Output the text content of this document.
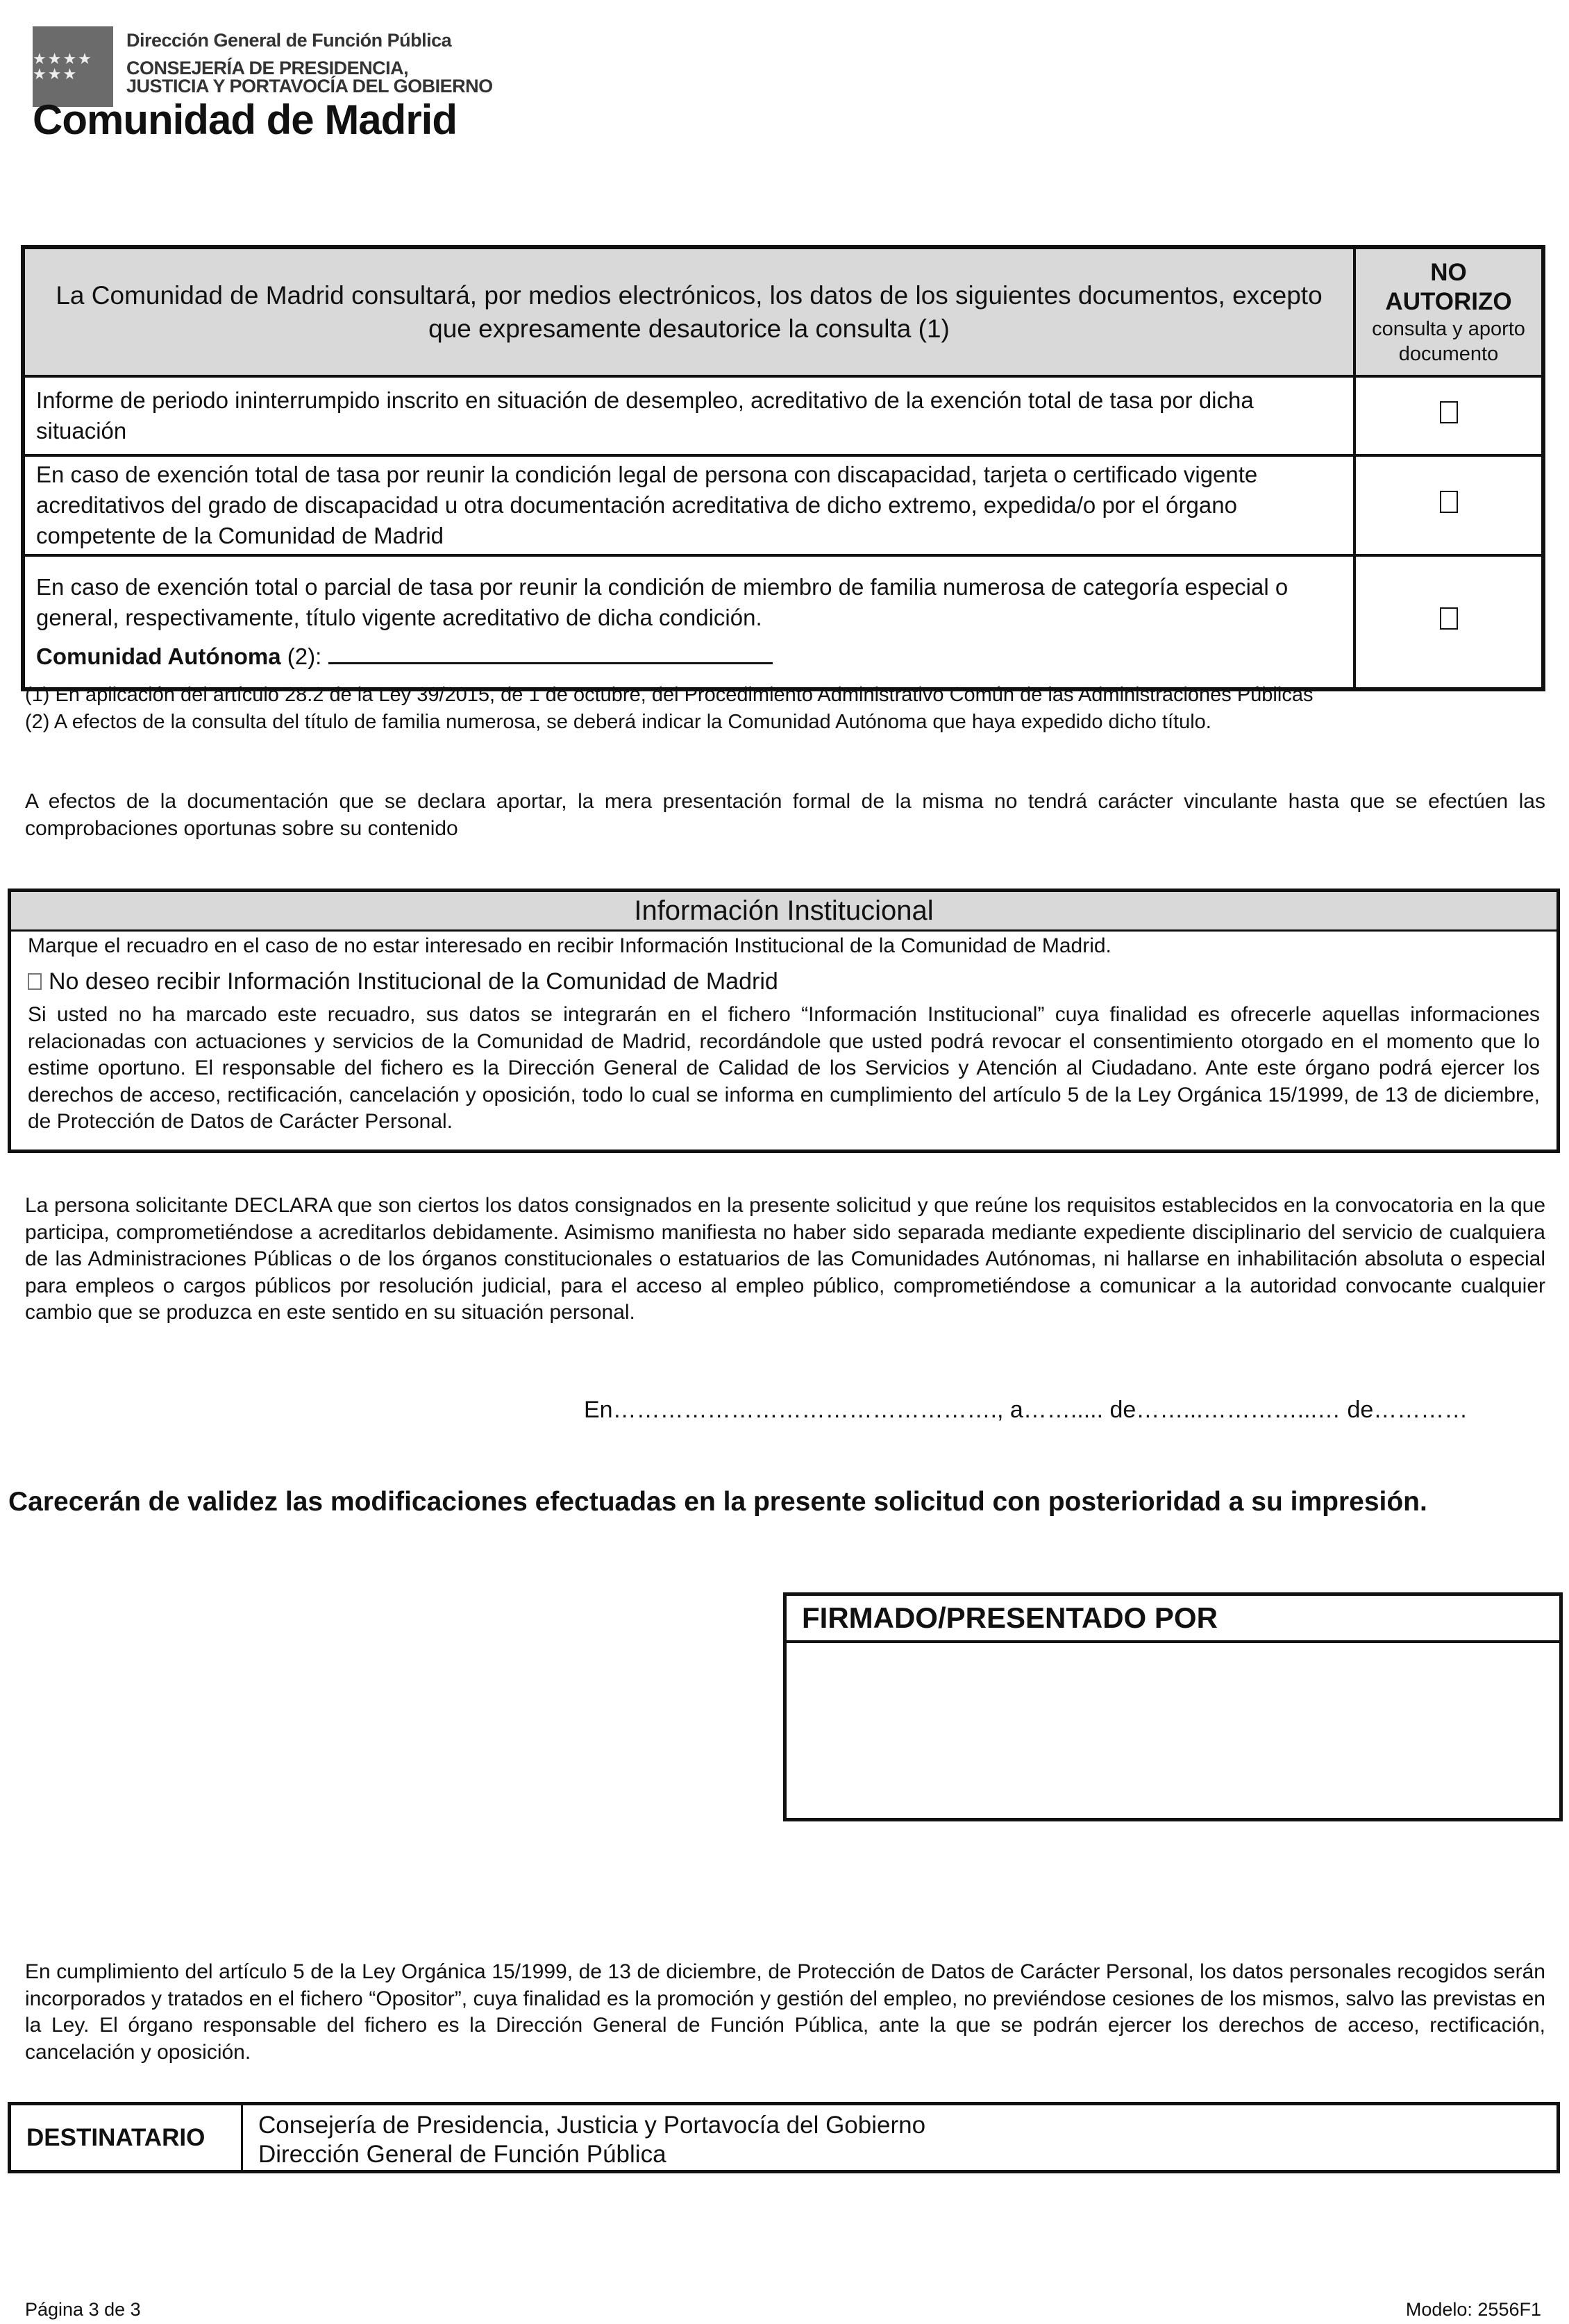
★★★★ ★★★
Dirección General de Función Pública
CONSEJERÍA DE PRESIDENCIA,
JUSTICIA Y PORTAVOCÍA DEL GOBIERNO
Comunidad de Madrid
La Comunidad de Madrid consultará, por medios electrónicos, los datos de los siguientes documentos, excepto que expresamente desautorice la consulta (1)	NO
AUTORIZO
consulta y aporto documento

Informe de periodo ininterrumpido inscrito en situación de desempleo, acreditativo de la exención total de tasa por dicha situación	
En caso de exención total de tasa por reunir la condición legal de persona con discapacidad, tarjeta o certificado vigente acreditativos del grado de discapacidad u otra documentación acreditativa de dicho extremo, expedida/o por el órgano competente de la Comunidad de Madrid	

En caso de exención total o parcial de tasa por reunir la condición de miembro de familia numerosa de categoría especial o general, respectivamente, título vigente acreditativo de dicha condición.
Comunidad Autónoma (2):	

(1) En aplicación del artículo 28.2 de la Ley 39/2015, de 1 de octubre, del Procedimiento Administrativo Común de las Administraciones Públicas
(2) A efectos de la consulta del título de familia numerosa, se deberá indicar la Comunidad Autónoma que haya expedido dicho título.
A efectos de la documentación que se declara aportar, la mera presentación formal de la misma no tendrá carácter vinculante hasta que se efectúen las comprobaciones oportunas sobre su contenido
Información Institucional
Marque el recuadro en el caso de no estar interesado en recibir Información Institucional de la Comunidad de Madrid.
No deseo recibir Información Institucional de la Comunidad de Madrid
Si usted no ha marcado este recuadro, sus datos se integrarán en el fichero “Información Institucional” cuya finalidad es ofrecerle aquellas informaciones relacionadas con actuaciones y servicios de la Comunidad de Madrid, recordándole que usted podrá revocar el consentimiento otorgado en el momento que lo estime oportuno. El responsable del fichero es la Dirección General de Calidad de los Servicios y Atención al Ciudadano. Ante este órgano podrá ejercer los derechos de acceso, rectificación, cancelación y oposición, todo lo cual se informa en cumplimiento del artículo 5 de la Ley Orgánica 15/1999, de 13 de diciembre, de Protección de Datos de Carácter Personal.
La persona solicitante DECLARA que son ciertos los datos consignados en la presente solicitud y que reúne los requisitos establecidos en la convocatoria en la que participa, comprometiéndose a acreditarlos debidamente. Asimismo manifiesta no haber sido separada mediante expediente disciplinario del servicio de cualquiera de las Administraciones Públicas o de los órganos constitucionales o estatuarios de las Comunidades Autónomas, ni hallarse en inhabilitación absoluta o especial para empleos o cargos públicos por resolución judicial, para el acceso al empleo público, comprometiéndose a comunicar a la autoridad convocante cualquier cambio que se produzca en este sentido en su situación personal.
En…………………………………………., a……..... de……...…………...… de…………
Carecerán de validez las modificaciones efectuadas en la presente solicitud con posterioridad a su impresión.
FIRMADO/PRESENTADO POR
En cumplimiento del artículo 5 de la Ley Orgánica 15/1999, de 13 de diciembre, de Protección de Datos de Carácter Personal, los datos personales recogidos serán incorporados y tratados en el fichero “Opositor”, cuya finalidad es la promoción y gestión del empleo, no previéndose cesiones de los mismos, salvo las previstas en la Ley. El órgano responsable del fichero es la Dirección General de Función Pública, ante la que se podrán ejercer los derechos de acceso, rectificación, cancelación y oposición.
DESTINATARIO	Consejería de Presidencia, Justicia y Portavocía del Gobierno
Dirección General de Función Pública
Página 3 de 3	Modelo: 2556F1
